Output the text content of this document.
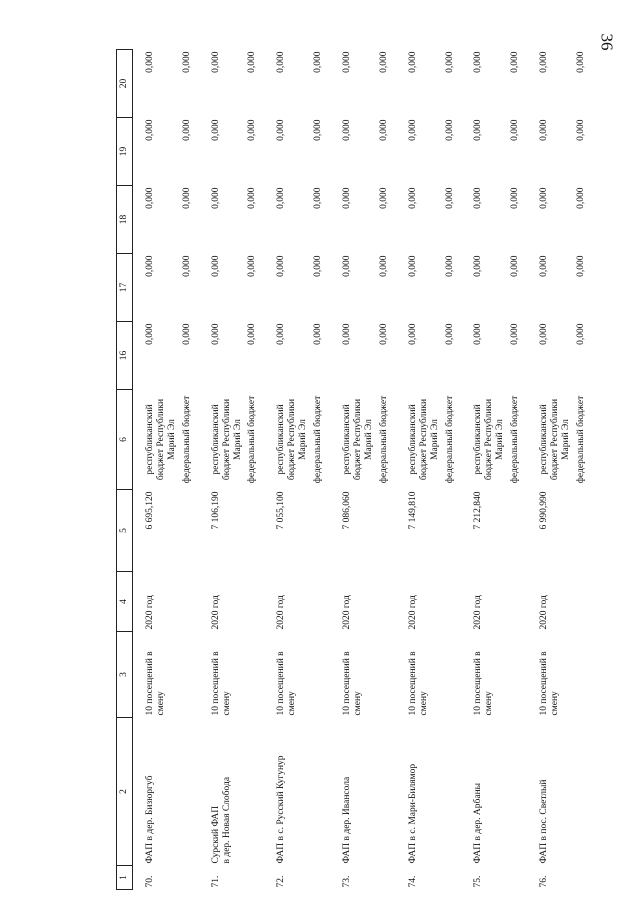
36
1	2	3	4	5	6	16	17	18	19	20
70.	ФАП в дер. Бизюргуб	10 посещений в смену	2020 год	6 695,120	республиканский бюджет Республики Марий Эл	0,000	0,000	0,000	0,000	0,000
					федеральный бюджет	0,000	0,000	0,000	0,000	0,000
71.	Сурский ФАП в дер. Новая Слобода	10 посещений в смену	2020 год	7 106,190	республиканский бюджет Республики Марий Эл	0,000	0,000	0,000	0,000	0,000
					федеральный бюджет	0,000	0,000	0,000	0,000	0,000
72.	ФАП в с. Русский Кугунур	10 посещений в смену	2020 год	7 055,100	республиканский бюджет Республики Марий Эл	0,000	0,000	0,000	0,000	0,000
					федеральный бюджет	0,000	0,000	0,000	0,000	0,000
73.	ФАП в дер. Ивансола	10 посещений в смену	2020 год	7 086,060	республиканский бюджет Республики Марий Эл	0,000	0,000	0,000	0,000	0,000
					федеральный бюджет	0,000	0,000	0,000	0,000	0,000
74.	ФАП в с. Мари-Билямор	10 посещений в смену	2020 год	7 149,810	республиканский бюджет Республики Марий Эл	0,000	0,000	0,000	0,000	0,000
					федеральный бюджет	0,000	0,000	0,000	0,000	0,000
75.	ФАП в дер. Арбаны	10 посещений в смену	2020 год	7 212,840	республиканский бюджет Республики Марий Эл	0,000	0,000	0,000	0,000	0,000
					федеральный бюджет	0,000	0,000	0,000	0,000	0,000
76.	ФАП в пос. Светлый	10 посещений в смену	2020 год	6 990,990	республиканский бюджет Республики Марий Эл	0,000	0,000	0,000	0,000	0,000
					федеральный бюджет	0,000	0,000	0,000	0,000	0,000
